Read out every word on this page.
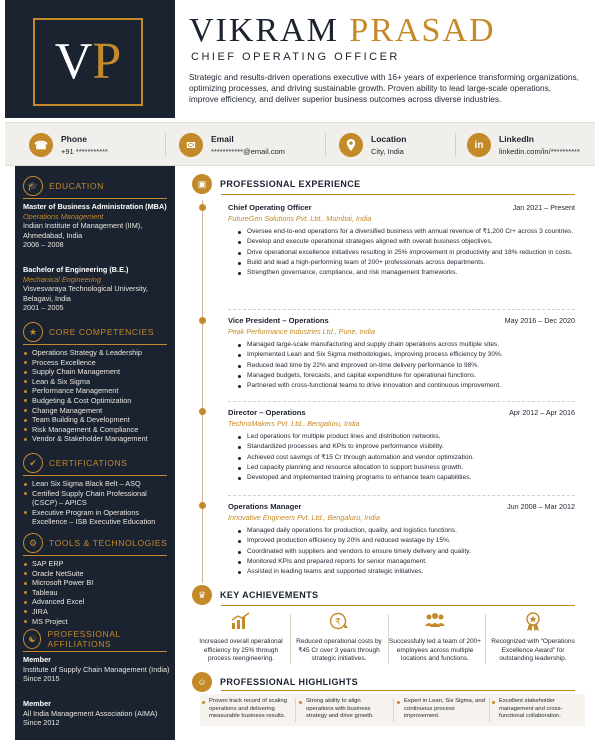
V P
VIKRAM PRASAD
CHIEF OPERATING OFFICER
Strategic and results-driven operations executive with 16+ years of experience transforming organizations, optimizing processes, and driving sustainable growth. Proven ability to lead large-scale operations, improve efficiency, and deliver superior business outcomes across diverse industries.
☎
Phone
+91 ***********	✉
Email
***********@email.com
Location
City, India
in
LinkedIn
linkedin.com/in/**********
🎓	EDUCATION
Master of Business Administration (MBA)
Operations Management
Indian Institute of Management (IIM), Ahmedabad, India
2006 – 2008
Bachelor of Engineering (B.E.)
Mechanical Engineering
Visvesvaraya Technological University, Belagavi, India
2001 – 2005
★	CORE COMPETENCIES
Operations Strategy & Leadership
Process Excellence
Supply Chain Management
Lean & Six Sigma
Performance Management
Budgeting & Cost Optimization
Change Management
Team Building & Development
Risk Management & Compliance
Vendor & Stakeholder Management
✔	CERTIFICATIONS
Lean Six Sigma Black Belt – ASQ
Certified Supply Chain Professional (CSCP) – APICS
Executive Program in Operations Excellence – ISB Executive Education
⚙	TOOLS & TECHNOLOGIES
SAP ERP
Oracle NetSuite
Microsoft Power BI
Tableau
Advanced Excel
JIRA
MS Project
☯	PROFESSIONAL AFFILIATIONS
Member
Institute of Supply Chain Management (India)
Since 2015
Member
All India Management Association (AIMA)
Since 2012
▣	PROFESSIONAL EXPERIENCE
Chief Operating Officer	Jan 2021 – Present
FutureGen Solutions Pvt. Ltd., Mumbai, India
Oversee end-to-end operations for a diversified business with annual revenue of ₹1,200 Cr+ across 3 countries.
Develop and execute operational strategies aligned with overall business objectives.
Drive operational excellence initiatives resulting in 25% improvement in productivity and 18% reduction in costs.
Build and lead a high-performing team of 200+ professionals across departments.
Strengthen governance, compliance, and risk management frameworks.
Vice President – Operations	May 2016 – Dec 2020
Peak Performance Industries Ltd., Pune, India
Managed large-scale manufacturing and supply chain operations across multiple sites.
Implemented Lean and Six Sigma methodologies, improving process efficiency by 30%.
Reduced lead time by 22% and improved on-time delivery performance to 98%.
Managed budgets, forecasts, and capital expenditure for operational functions.
Partnered with cross-functional teams to drive innovation and continuous improvement.
Director – Operations	Apr 2012 – Apr 2016
TechnoMakers Pvt. Ltd., Bengaluru, India
Led operations for multiple product lines and distribution networks.
Standardized processes and KPIs to improve performance visibility.
Achieved cost savings of ₹15 Cr through automation and vendor optimization.
Led capacity planning and resource allocation to support business growth.
Developed and implemented training programs to enhance team capabilities.
Operations Manager	Jun 2008 – Mar 2012
Innovative Engineers Pvt. Ltd., Bengaluru, India
Managed daily operations for production, quality, and logistics functions.
Improved production efficiency by 20% and reduced wastage by 15%.
Coordinated with suppliers and vendors to ensure timely delivery and quality.
Monitored KPIs and prepared reports for senior management.
Assisted in leading teams and supported strategic initiatives.
♛	KEY ACHIEVEMENTS
Increased overall operational efficiency by 25% through process reengineering.
₹
Reduced operational costs by ₹45 Cr over 3 years through strategic initiatives.
Successfully led a team of 200+ employees across multiple locations and functions.
Recognized with “Operations Excellence Award” for outstanding leadership.
☺	PROFESSIONAL HIGHLIGHTS
Proven track record of scaling operations and delivering measurable business results.
Strong ability to align operations with business strategy and drive growth.
Expert in Lean, Six Sigma, and continuous process improvement.
Excellent stakeholder management and cross-functional collaboration.
